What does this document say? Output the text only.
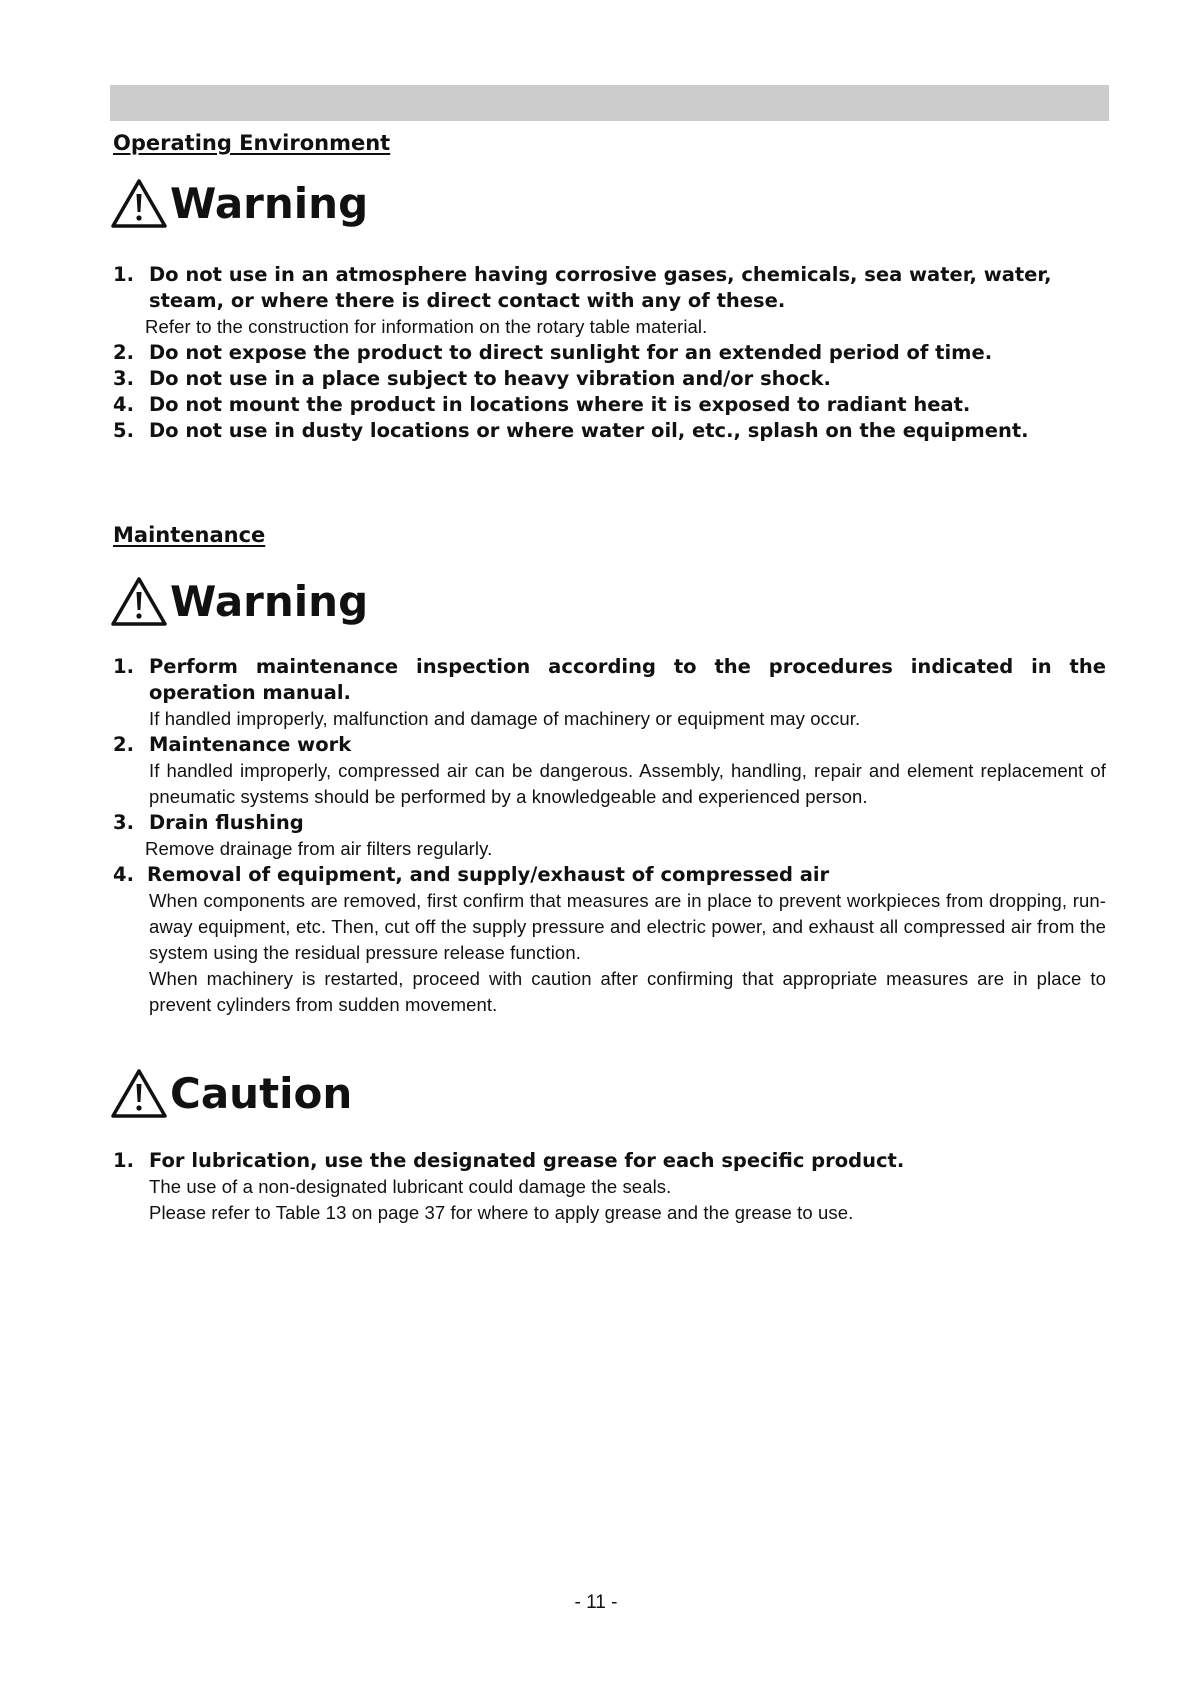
Operating Environment
Warning
1. Do not use in an atmosphere having corrosive gases, chemicals, sea water, water, steam, or where there is direct contact with any of these.
Refer to the construction for information on the rotary table material.
2. Do not expose the product to direct sunlight for an extended period of time.
3. Do not use in a place subject to heavy vibration and/or shock.
4. Do not mount the product in locations where it is exposed to radiant heat.
5. Do not use in dusty locations or where water oil, etc., splash on the equipment.
Maintenance
Warning
1. Perform maintenance inspection according to the procedures indicated in the operation manual.
If handled improperly, malfunction and damage of machinery or equipment may occur.
2. Maintenance work
If handled improperly, compressed air can be dangerous. Assembly, handling, repair and element replacement of pneumatic systems should be performed by a knowledgeable and experienced person.
3. Drain flushing
Remove drainage from air filters regularly.
4. Removal of equipment, and supply/exhaust of compressed air
When components are removed, first confirm that measures are in place to prevent workpieces from dropping, run-away equipment, etc. Then, cut off the supply pressure and electric power, and exhaust all compressed air from the system using the residual pressure release function.
When machinery is restarted, proceed with caution after confirming that appropriate measures are in place to prevent cylinders from sudden movement.
Caution
1. For lubrication, use the designated grease for each specific product.
The use of a non-designated lubricant could damage the seals.
Please refer to Table 13 on page 37 for where to apply grease and the grease to use.
- 11 -
